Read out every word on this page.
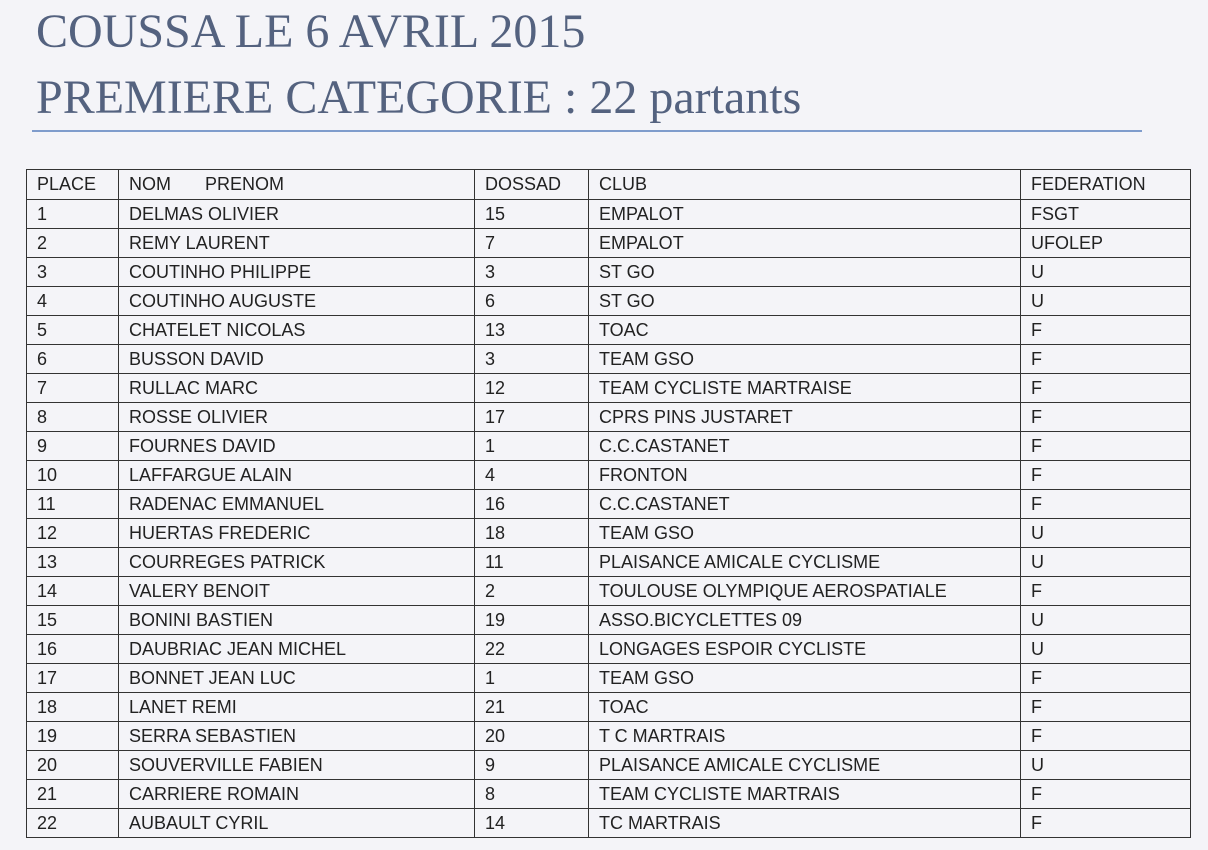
COUSSA LE 6 AVRIL 2015
PREMIERE CATEGORIE : 22 partants
PLACE	NOM PRENOM	DOSSAD	CLUB	FEDERATION
1	DELMAS OLIVIER	15	EMPALOT	FSGT
2	REMY LAURENT	7	EMPALOT	UFOLEP
3	COUTINHO PHILIPPE	3	ST GO	U
4	COUTINHO AUGUSTE	6	ST GO	U
5	CHATELET NICOLAS	13	TOAC	F
6	BUSSON DAVID	3	TEAM GSO	F
7	RULLAC MARC	12	TEAM CYCLISTE MARTRAISE	F
8	ROSSE OLIVIER	17	CPRS PINS JUSTARET	F
9	FOURNES DAVID	1	C.C.CASTANET	F
10	LAFFARGUE ALAIN	4	FRONTON	F
11	RADENAC EMMANUEL	16	C.C.CASTANET	F
12	HUERTAS FREDERIC	18	TEAM GSO	U
13	COURREGES PATRICK	11	PLAISANCE AMICALE CYCLISME	U
14	VALERY BENOIT	2	TOULOUSE OLYMPIQUE AEROSPATIALE	F
15	BONINI BASTIEN	19	ASSO.BICYCLETTES 09	U
16	DAUBRIAC JEAN MICHEL	22	LONGAGES ESPOIR CYCLISTE	U
17	BONNET JEAN LUC	1	TEAM GSO	F
18	LANET REMI	21	TOAC	F
19	SERRA SEBASTIEN	20	T C MARTRAIS	F
20	SOUVERVILLE FABIEN	9	PLAISANCE AMICALE CYCLISME	U
21	CARRIERE ROMAIN	8	TEAM CYCLISTE MARTRAIS	F
22	AUBAULT CYRIL	14	TC MARTRAIS	F
